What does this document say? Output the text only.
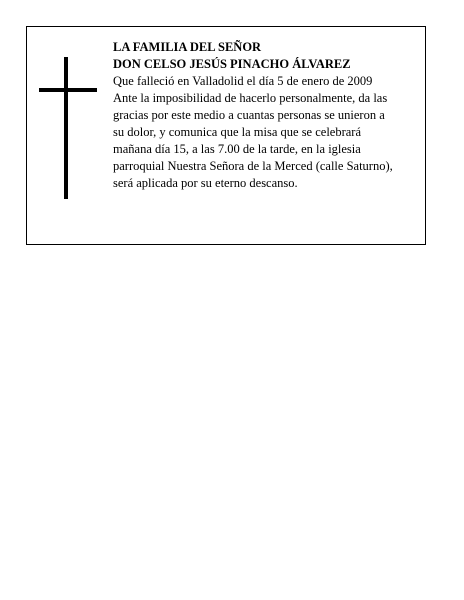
LA FAMILIA DEL SEÑOR

DON CELSO JESÚS PINACHO ÁLVAREZ

Que falleció en Valladolid el día 5 de enero de 2009
Ante la imposibilidad de hacerlo personalmente, da las
gracias por este medio a cuantas personas se unieron a
su dolor, y comunica que la misa que se celebrará
mañana día 15, a las 7.00 de la tarde, en la iglesia
parroquial Nuestra Señora de la Merced (calle Saturno),
será aplicada por su eterno descanso.
